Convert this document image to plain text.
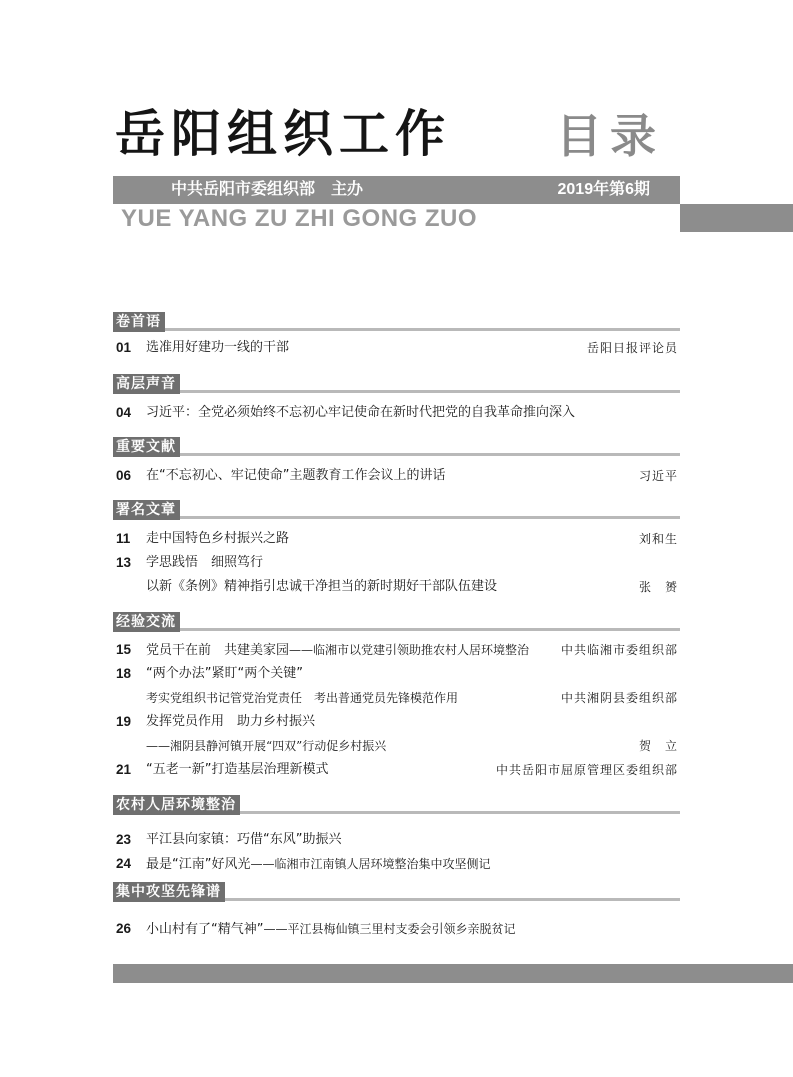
岳阳组织工作 目录
中共岳阳市委组织部　主办	2019年第6期
YUE YANG ZU ZHI GONG ZUO
卷首语
01 选准用好建功一线的干部	岳阳日报评论员
高层声音
04 习近平：全党必须始终不忘初心牢记使命在新时代把党的自我革命推向深入
重要文献
06 在“不忘初心、牢记使命”主题教育工作会议上的讲话	习近平
署名文章
11 走中国特色乡村振兴之路	刘和生
13 学思践悟　细照笃行
以新《条例》精神指引忠诚干净担当的新时期好干部队伍建设	张　赟
经验交流
15 党员干在前　共建美家园——临湘市以党建引领助推农村人居环境整治	中共临湘市委组织部
18 “两个办法”紧盯“两个关键”
考实党组织书记管党治党责任　考出普通党员先锋模范作用	中共湘阴县委组织部
19 发挥党员作用　助力乡村振兴
——湘阴县静河镇开展“四双”行动促乡村振兴	贺　立
21 “五老一新”打造基层治理新模式	中共岳阳市屈原管理区委组织部
农村人居环境整治
23 平江县向家镇：巧借“东风”助振兴
24 最是“江南”好风光——临湘市江南镇人居环境整治集中攻坚侧记
集中攻坚先锋谱
26 小山村有了“精气神”——平江县梅仙镇三里村支委会引领乡亲脱贫记
